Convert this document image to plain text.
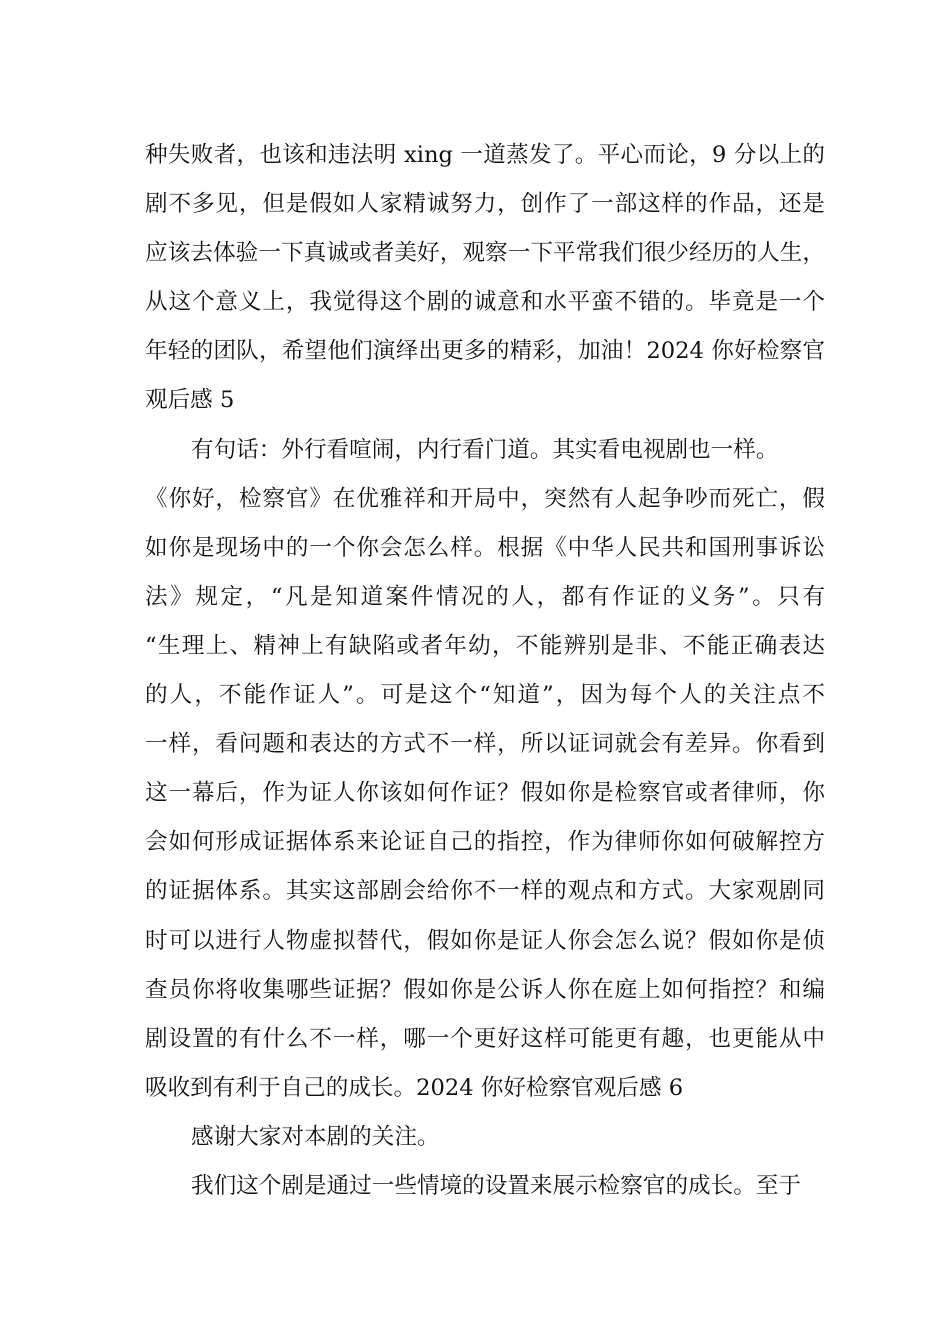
种失败者，也该和违法明 xing 一道蒸发了。平心而论，9 分以上的
剧不多见，但是假如人家精诚努力，创作了一部这样的作品，还是
应该去体验一下真诚或者美好，观察一下平常我们很少经历的人生，
从这个意义上，我觉得这个剧的诚意和水平蛮不错的。毕竟是一个
年轻的团队，希望他们演绎出更多的精彩，加油！2024 你好检察官
观后感 5
有句话：外行看喧闹，内行看门道。其实看电视剧也一样。
《你好，检察官》在优雅祥和开局中，突然有人起争吵而死亡，假
如你是现场中的一个你会怎么样。根据《中华人民共和国刑事诉讼
法》规定，“凡是知道案件情况的人，都有作证的义务”。只有
“生理上、精神上有缺陷或者年幼，不能辨别是非、不能正确表达
的人，不能作证人”。可是这个“知道”，因为每个人的关注点不
一样，看问题和表达的方式不一样，所以证词就会有差异。你看到
这一幕后，作为证人你该如何作证？假如你是检察官或者律师，你
会如何形成证据体系来论证自己的指控，作为律师你如何破解控方
的证据体系。其实这部剧会给你不一样的观点和方式。大家观剧同
时可以进行人物虚拟替代，假如你是证人你会怎么说？假如你是侦
查员你将收集哪些证据？假如你是公诉人你在庭上如何指控？和编
剧设置的有什么不一样，哪一个更好这样可能更有趣，也更能从中
吸收到有利于自己的成长。2024 你好检察官观后感 6
感谢大家对本剧的关注。
我们这个剧是通过一些情境的设置来展示检察官的成长。至于
